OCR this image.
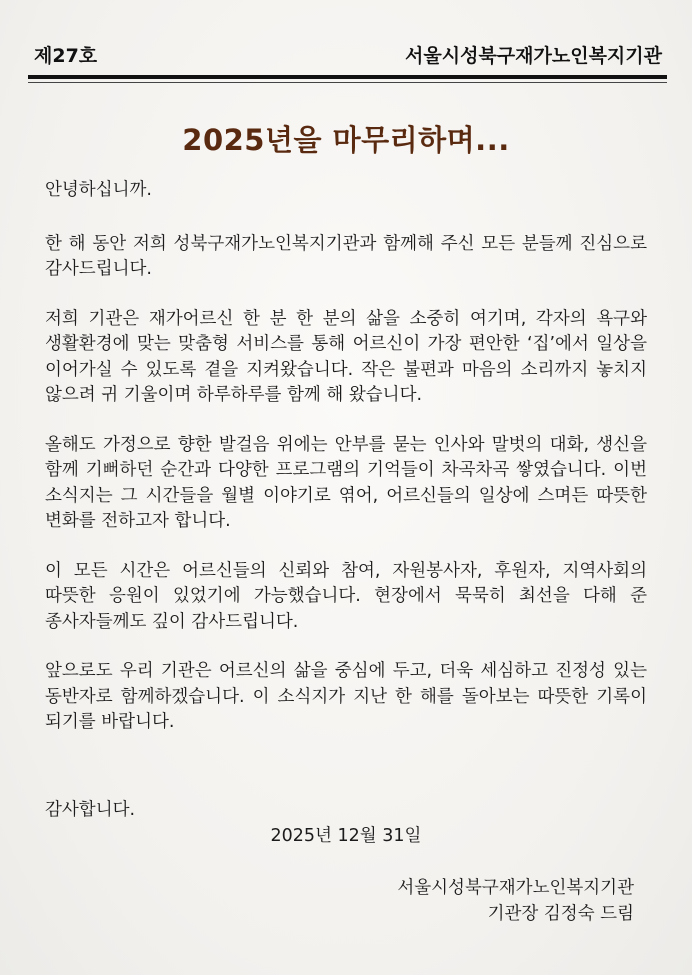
제27호	서울시성북구재가노인복지기관
2025년을 마무리하며...

안녕하십니까.

한 해 동안 저희 성북구재가노인복지기관과 함께해 주신 모든 분들께 진심으로 감사드립니다.

저희 기관은 재가어르신 한 분 한 분의 삶을 소중히 여기며, 각자의 욕구와 생활환경에 맞는 맞춤형 서비스를 통해 어르신이 가장 편안한 ‘집’에서 일상을 이어가실 수 있도록 곁을 지켜왔습니다. 작은 불편과 마음의 소리까지 놓치지 않으려 귀 기울이며 하루하루를 함께 해 왔습니다.

올해도 가정으로 향한 발걸음 위에는 안부를 묻는 인사와 말벗의 대화, 생신을 함께 기뻐하던 순간과 다양한 프로그램의 기억들이 차곡차곡 쌓였습니다. 이번 소식지는 그 시간들을 월별 이야기로 엮어, 어르신들의 일상에 스며든 따뜻한 변화를 전하고자 합니다.

이 모든 시간은 어르신들의 신뢰와 참여, 자원봉사자, 후원자, 지역사회의 따뜻한 응원이 있었기에 가능했습니다. 현장에서 묵묵히 최선을 다해 준 종사자들께도 깊이 감사드립니다.

앞으로도 우리 기관은 어르신의 삶을 중심에 두고, 더욱 세심하고 진정성 있는 동반자로 함께하겠습니다. 이 소식지가 지난 한 해를 돌아보는 따뜻한 기록이 되기를 바랍니다.

감사합니다.
2025년 12월 31일
서울시성북구재가노인복지기관
기관장 김정숙 드림
